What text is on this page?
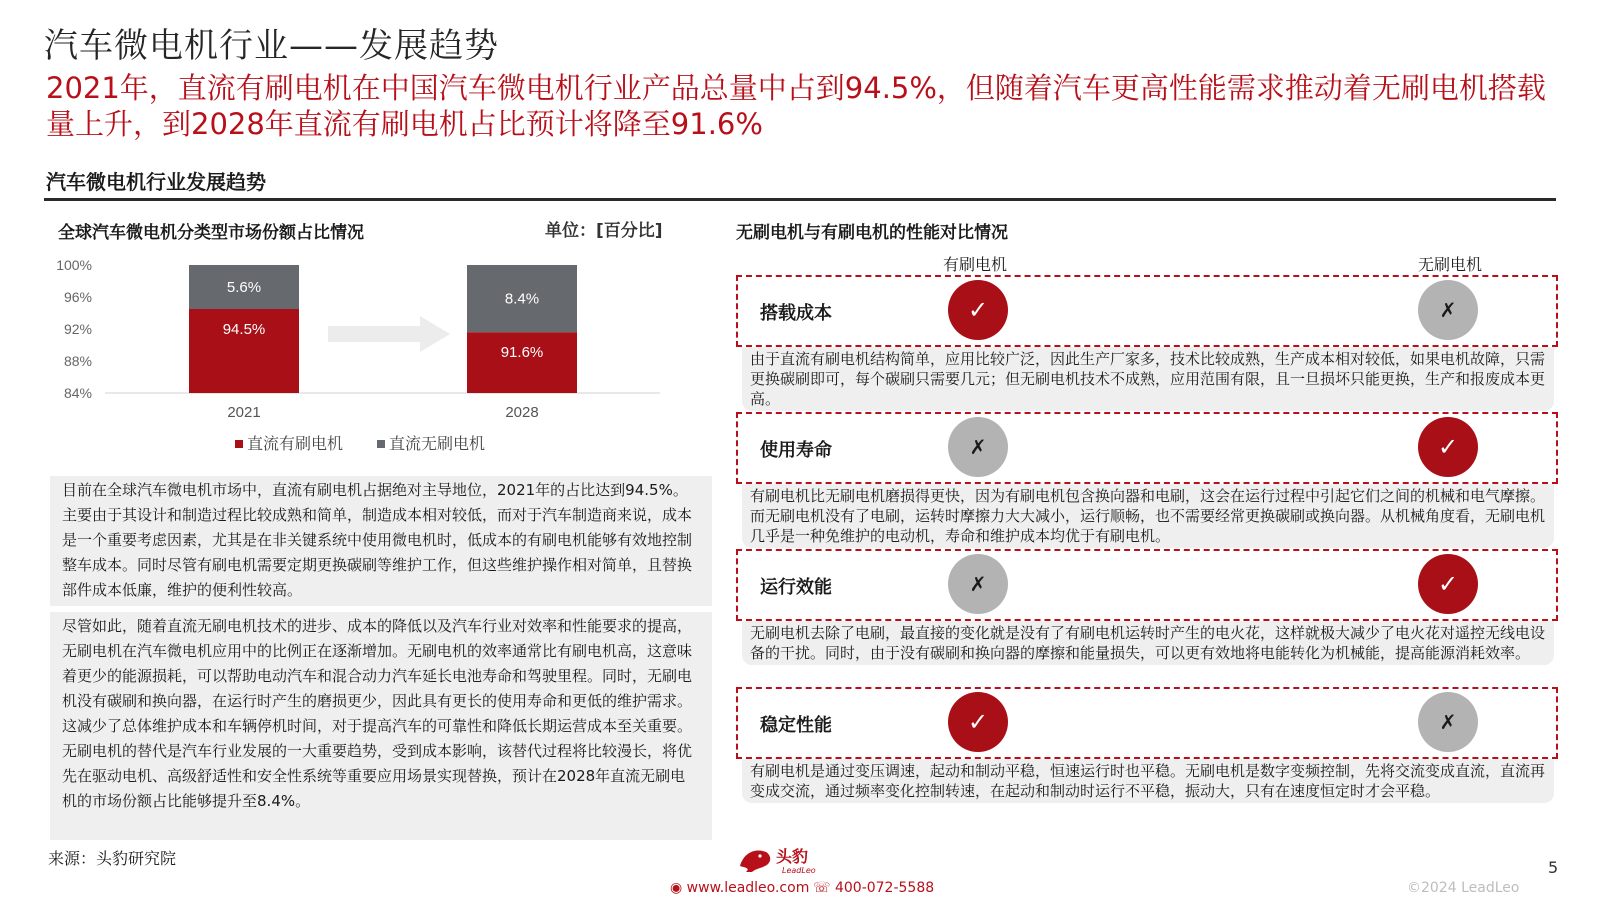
汽车微电机行业——发展趋势
2021年，直流有刷电机在中国汽车微电机行业产品总量中占到94.5%，但随着汽车更高性能需求推动着无刷电机搭载量上升，到2028年直流有刷电机占比预计将降至91.6%
汽车微电机行业发展趋势
全球汽车微电机分类型市场份额占比情况	单位：[百分比]
84%
88%
92%
96%
100%
94.5%
5.6%
2021
91.6%
8.4%
2028
直流有刷电机	直流无刷电机
目前在全球汽车微电机市场中，直流有刷电机占据绝对主导地位，2021年的占比达到94.5%。主要由于其设计和制造过程比较成熟和简单，制造成本相对较低，而对于汽车制造商来说，成本是一个重要考虑因素，尤其是在非关键系统中使用微电机时，低成本的有刷电机能够有效地控制整车成本。同时尽管有刷电机需要定期更换碳刷等维护工作，但这些维护操作相对简单，且替换部件成本低廉，维护的便利性较高。
尽管如此，随着直流无刷电机技术的进步、成本的降低以及汽车行业对效率和性能要求的提高，无刷电机在汽车微电机应用中的比例正在逐渐增加。无刷电机的效率通常比有刷电机高，这意味着更少的能源损耗，可以帮助电动汽车和混合动力汽车延长电池寿命和驾驶里程。同时，无刷电机没有碳刷和换向器，在运行时产生的磨损更少，因此具有更长的使用寿命和更低的维护需求。这减少了总体维护成本和车辆停机时间，对于提高汽车的可靠性和降低长期运营成本至关重要。无刷电机的替代是汽车行业发展的一大重要趋势，受到成本影响，该替代过程将比较漫长，将优先在驱动电机、高级舒适性和安全性系统等重要应用场景实现替换，预计在2028年直流无刷电机的市场份额占比能够提升至8.4%。
来源：头豹研究院
无刷电机与有刷电机的性能对比情况
有刷电机	无刷电机
搭载成本	✓	✗
由于直流有刷电机结构简单，应用比较广泛，因此生产厂家多，技术比较成熟，生产成本相对较低，如果电机故障，只需更换碳刷即可，每个碳刷只需要几元；但无刷电机技术不成熟，应用范围有限，且一旦损坏只能更换，生产和报废成本更高。
使用寿命	✗	✓
有刷电机比无刷电机磨损得更快，因为有刷电机包含换向器和电刷，这会在运行过程中引起它们之间的机械和电气摩擦。而无刷电机没有了电刷，运转时摩擦力大大减小，运行顺畅，也不需要经常更换碳刷或换向器。从机械角度看，无刷电机几乎是一种免维护的电动机，寿命和维护成本均优于有刷电机。
运行效能	✗	✓
无刷电机去除了电刷，最直接的变化就是没有了有刷电机运转时产生的电火花，这样就极大减少了电火花对遥控无线电设备的干扰。同时，由于没有碳刷和换向器的摩擦和能量损失，可以更有效地将电能转化为机械能，提高能源消耗效率。
稳定性能	✓	✗
有刷电机是通过变压调速，起动和制动平稳，恒速运行时也平稳。无刷电机是数字变频控制，先将交流变成直流，直流再变成交流，通过频率变化控制转速，在起动和制动时运行不平稳，振动大，只有在速度恒定时才会平稳。
头豹
LeadLeo
◉ www.leadleo.com ☏ 400-072-5588	©2024 LeadLeo
5
